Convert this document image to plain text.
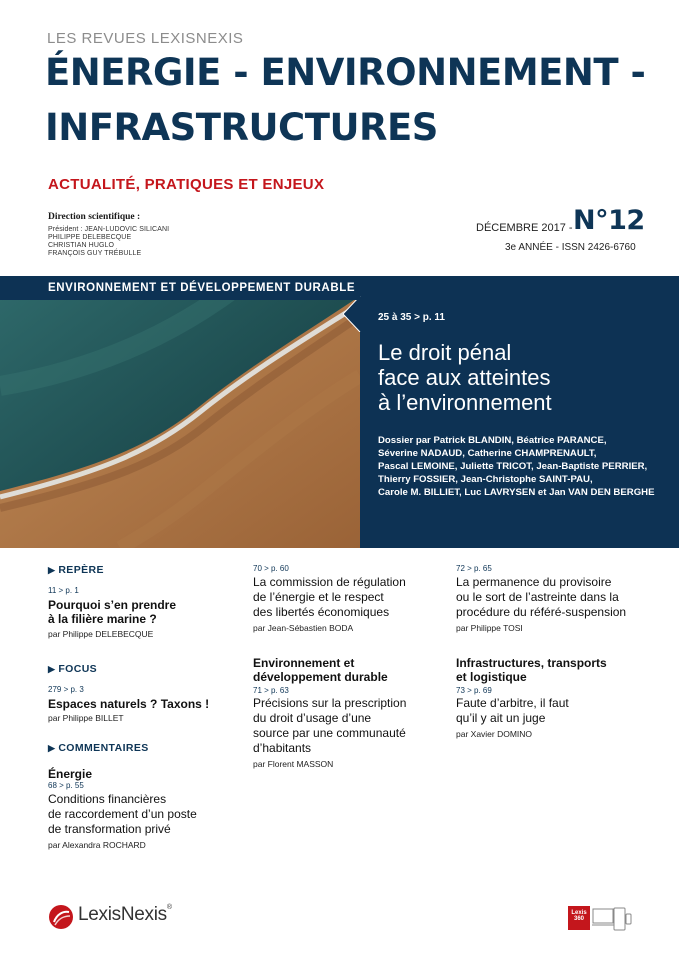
LES REVUES LEXISNEXIS
ÉNERGIE - ENVIRONNEMENT -
INFRASTRUCTURES
ACTUALITÉ, PRATIQUES ET ENJEUX
Direction scientifique :
Président : JEAN-LUDOVIC SILICANI
PHILIPPE DELEBECQUE
CHRISTIAN HUGLO
FRANÇOIS GUY TRÉBULLE
DÉCEMBRE 2017 - N°12
3e ANNÉE - ISSN 2426-6760
ENVIRONNEMENT ET DÉVELOPPEMENT DURABLE
25 à 35 > p. 11
Le droit pénal
face aux atteintes
à l’environnement
Dossier par Patrick BLANDIN, Béatrice PARANCE,
Séverine NADAUD, Catherine CHAMPRENAULT,
Pascal LEMOINE, Juliette TRICOT, Jean-Baptiste PERRIER,
Thierry FOSSIER, Jean-Christophe SAINT-PAU,
Carole M. BILLIET, Luc LAVRYSEN et Jan VAN DEN BERGHE
▶ REPÈRE
11 > p. 1
Pourquoi s’en prendre
à la filière marine ?
par Philippe DELEBECQUE
▶ FOCUS
279 > p. 3
Espaces naturels ? Taxons !
par Philippe BILLET
▶ COMMENTAIRES
Énergie
68 > p. 55
Conditions financières
de raccordement d’un poste
de transformation privé
par Alexandra ROCHARD
70 > p. 60
La commission de régulation
de l’énergie et le respect
des libertés économiques
par Jean-Sébastien BODA
Environnement et
développement durable
71 > p. 63
Précisions sur la prescription
du droit d’usage d’une
source par une communauté
d’habitants
par Florent MASSON
72 > p. 65
La permanence du provisoire
ou le sort de l’astreinte dans la
procédure du référé-suspension
par Philippe TOSI
Infrastructures, transports
et logistique
73 > p. 69
Faute d’arbitre, il faut
qu’il y ait un juge
par Xavier DOMINO
LexisNexis®
Lexis
360
